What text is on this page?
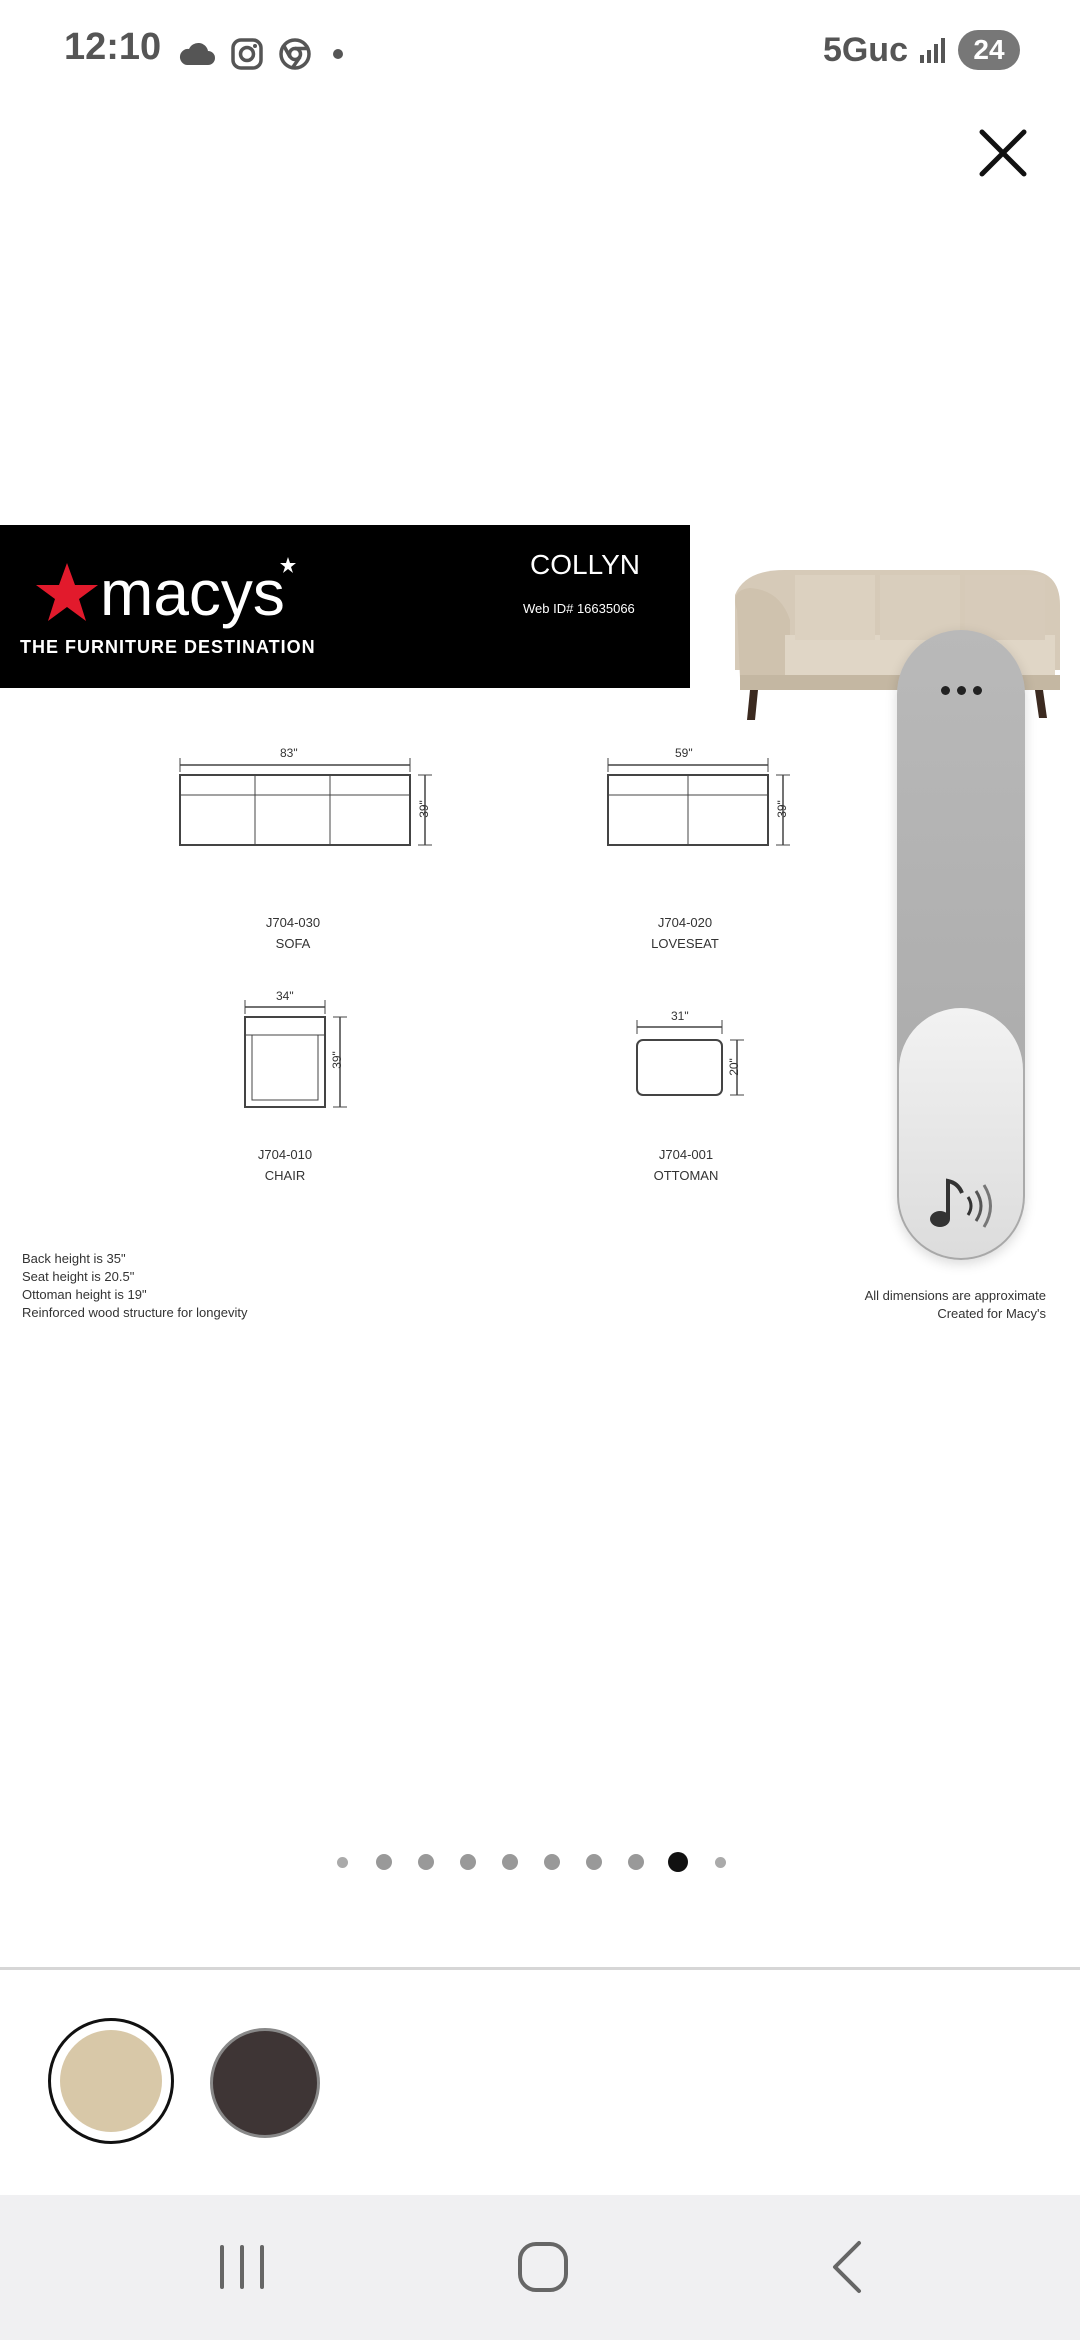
12:10	5Guc	24
macys
THE FURNITURE DESTINATION
COLLYN
Web ID# 16635066
83"
39"
J704-030
SOFA
59"
39"
J704-020
LOVESEAT
34"
39"
J704-010
CHAIR
31"
20"
J704-001
OTTOMAN
Back height is 35"
Seat height is 20.5"
Ottoman height is 19"
Reinforced wood structure for longevity
All dimensions are approximate
Created for Macy's
